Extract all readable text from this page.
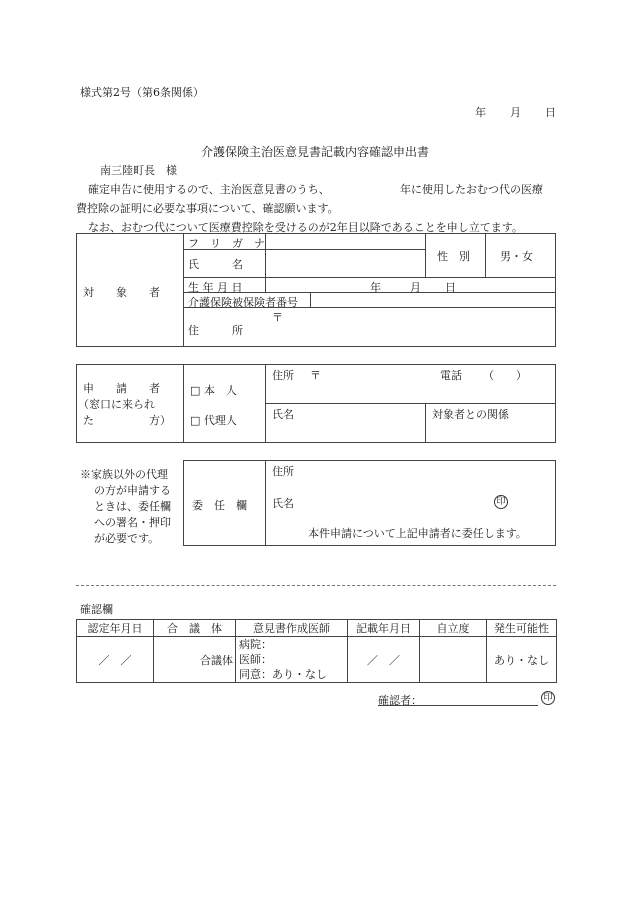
様式第2号（第6条関係）
年 月 日
介護保険主治医意見書記載内容確認申出書
南三陸町長　様
確定申告に使用するので、主治医意見書のうち、	年に使用したおむつ代の医療
費控除の証明に必要な事項について、確認願います。
なお、おむつ代について医療費控除を受けるのが2年目以降であることを申し立てます。
対　　象　　者
フ　リ　ガ　ナ
氏　　　名
性　別	男・女
生 年 月 日	年	月 日
介護保険被保険者番号
〒
住　　　所
申　　請　　者
（窓口に来られ
た　　　　　方）
□ 本　人
□ 代理人
住所 〒	電話 （　　）
氏名	対象者との関係
※家族以外の代理
の方が申請する
ときは、委任欄
への署名・押印
が必要です。
委　任　欄
住所
氏名	印
本件申請について上記申請者に委任します。
確認欄
認定年月日	合　議　体	意見書作成医師	記載年月日	自立度	発生可能性
／　／	合議体	病院：
医師：
同意：あり・なし	／　／		あり・なし
確認者：	印
